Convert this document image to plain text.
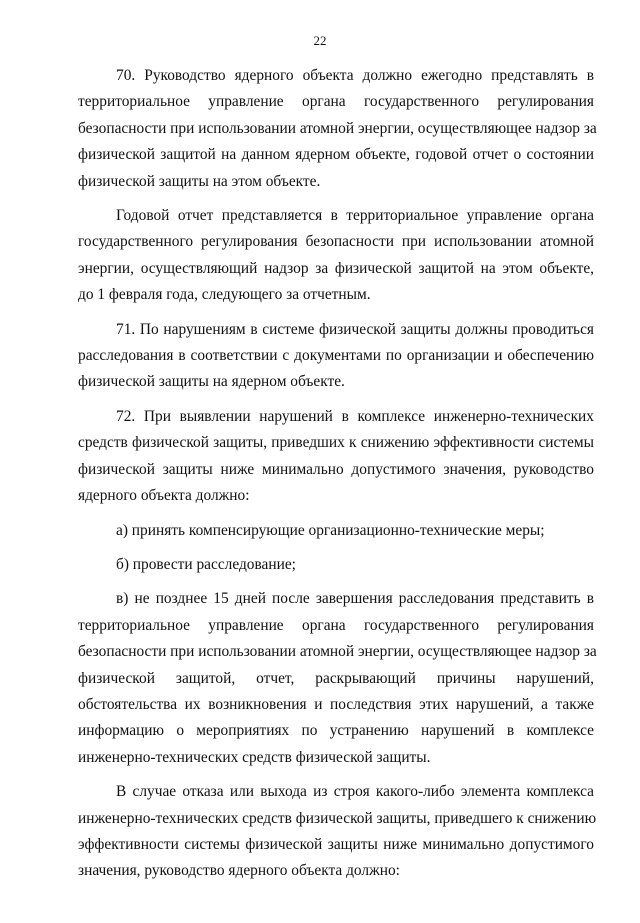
22
70. Руководство ядерного объекта должно ежегодно представлять в
территориальное управление органа государственного регулирования
безопасности при использовании атомной энергии, осуществляющее надзор за
физической защитой на данном ядерном объекте, годовой отчет о состоянии
физической защиты на этом объекте.
Годовой отчет представляется в территориальное управление органа
государственного регулирования безопасности при использовании атомной
энергии, осуществляющий надзор за физической защитой на этом объекте,
до 1 февраля года, следующего за отчетным.
71. По нарушениям в системе физической защиты должны проводиться
расследования в соответствии с документами по организации и обеспечению
физической защиты на ядерном объекте.
72. При выявлении нарушений в комплексе инженерно-технических
средств физической защиты, приведших к снижению эффективности системы
физической защиты ниже минимально допустимого значения, руководство
ядерного объекта должно:
а) принять компенсирующие организационно-технические меры;
б) провести расследование;
в) не позднее 15 дней после завершения расследования представить в
территориальное управление органа государственного регулирования
безопасности при использовании атомной энергии, осуществляющее надзор за
физической защитой, отчет, раскрывающий причины нарушений,
обстоятельства их возникновения и последствия этих нарушений, а также
информацию о мероприятиях по устранению нарушений в комплексе
инженерно-технических средств физической защиты.
В случае отказа или выхода из строя какого-либо элемента комплекса
инженерно-технических средств физической защиты, приведшего к снижению
эффективности системы физической защиты ниже минимально допустимого
значения, руководство ядерного объекта должно:
